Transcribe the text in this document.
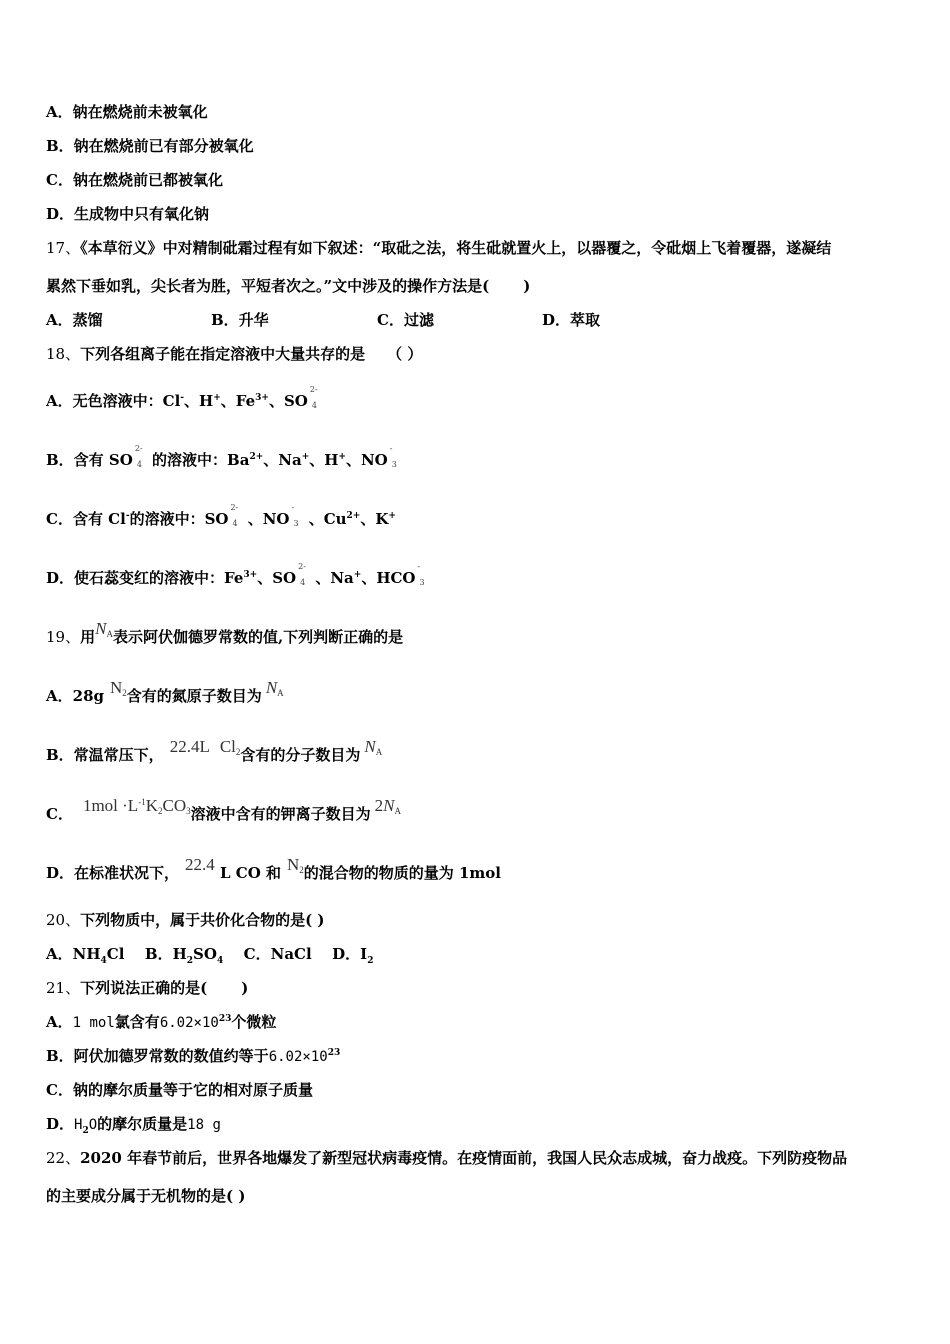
A．钠在燃烧前未被氧化
B．钠在燃烧前已有部分被氧化
C．钠在燃烧前已都被氧化
D．生成物中只有氧化钠
17、《本草衍义》中对精制砒霜过程有如下叙述：“取砒之法，将生砒就置火上，以器覆之，令砒烟上飞着覆器，遂凝结
累然下垂如乳，尖长者为胜，平短者次之。”文中涉及的操作方法是( )
A．蒸馏	B．升华	C．过滤	D．萃取
18、下列各组离子能在指定溶液中大量共存的是 （ ）
A．无色溶液中：Cl-、H+、$Fe^{3+}$、SO
2-
4
B．含有 SO
2-
4 的溶液中：$Ba^{2+}$、Na+、H+、NO
-
3
C．含有 Cl-的溶液中：SO
2-
4 、NO
-
3 、$Cu^{2+}$、K+
D．使石蕊变红的溶液中：$Fe^{3+}$、SO
2-
4 、Na+、HCO
-
3
19、用NA表示阿伏伽德罗常数的值,下列判断正确的是
A．28g N2含有的氮原子数目为 NA
B．常温常压下， 22.4L Cl2含有的分子数目为 NA
C． $1mol \cdot L^{-1}K2CO3$溶液中含有的钾离子数目为 2NA
D．在标准状况下， 22.4 L CO 和 N2的混合物的物质的量为 1mol
20、下列物质中，属于共价化合物的是( )
A．$NH_4Cl$ B．$H_2SO_4$ C．NaCl D．$I_2$
21、下列说法正确的是( )
A．1 mol氯含有$6.02\times 10^{23}$个微粒
B．阿伏加德罗常数的数值约等于$6.02\times 10^{23}$
C．钠的摩尔质量等于它的相对原子质量
D．$H_2O$的摩尔质量是18 g
22、2020 年春节前后，世界各地爆发了新型冠状病毒疫情。在疫情面前，我国人民众志成城，奋力战疫。下列防疫物品
的主要成分属于无机物的是( )
